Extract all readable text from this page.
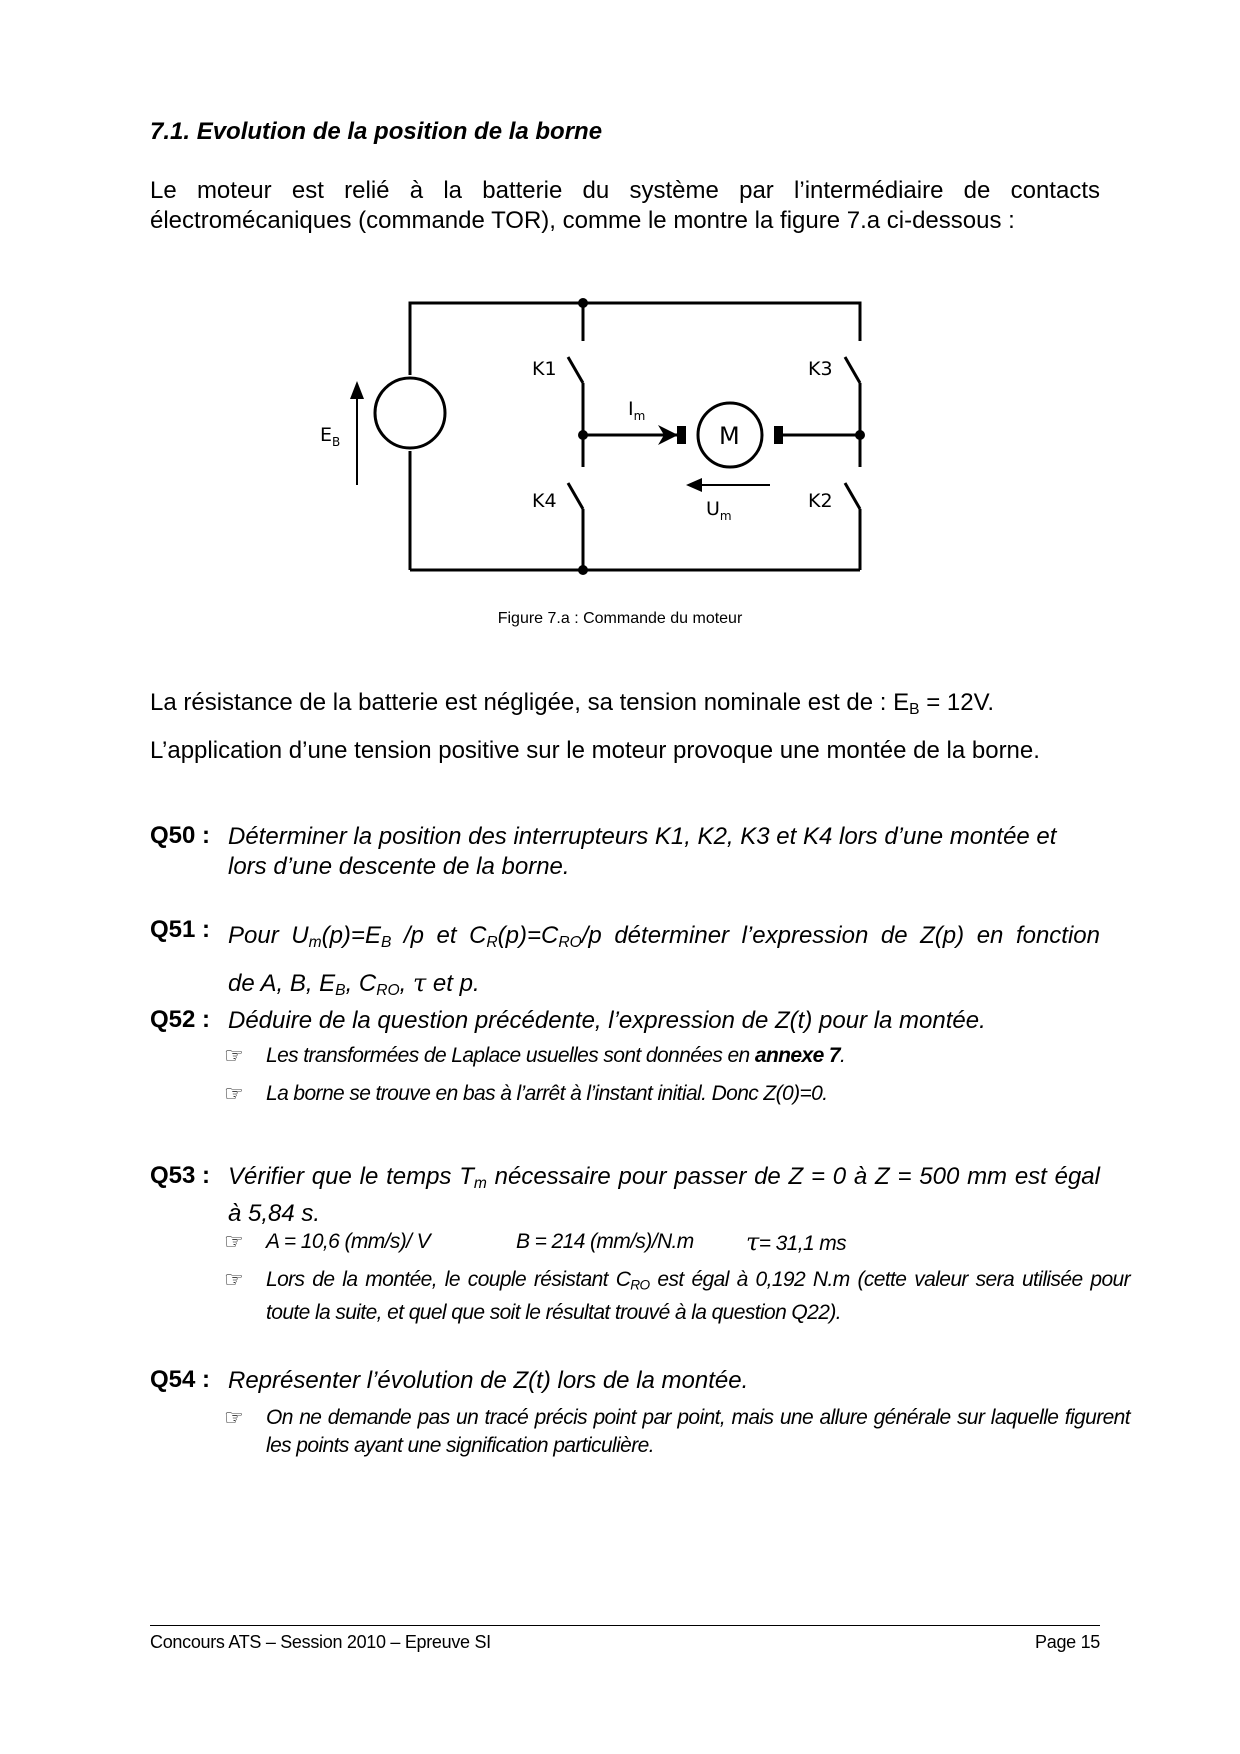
7.1. Evolution de la position de la borne
Le moteur est relié à la batterie du système par l’intermédiaire de contacts
électromécaniques (commande TOR), comme le montre la figure 7.a ci-dessous :
K1	K3
K4	K2
M
$E_B$
$I_m$
$U_m$
Figure 7.a : Commande du moteur
La résistance de la batterie est négligée, sa tension nominale est de : $E_B = 12V$.
L’application d’une tension positive sur le moteur provoque une montée de la borne.
Q50 : Déterminer la position des interrupteurs K1, K2, K3 et K4 lors d’une montée et lors d’une descente de la borne.
Q51 : Pour $U_m(p)=E_B$ /p et $C_R(p)=C_{RO}/p$ déterminer l’expression de Z(p) en fonction
de A, B, $E_B$, $C_{RO}$, τ et p.
Q52 : Déduire de la question précédente, l’expression de Z(t) pour la montée.
☞ Les transformées de Laplace usuelles sont données en annexe 7.
☞ La borne se trouve en bas à l’arrêt à l’instant initial. Donc Z(0)=0.
Q53 : Vérifier que le temps $T_m$ nécessaire pour passer de Z = 0 à Z = 500 mm est égal à 5,84 s.
☞ A = 10,6 (mm/s)/ V	B = 214 (mm/s)/N.m τ= 31,1 ms
☞ Lors de la montée, le couple résistant $C_{RO}$ est égal à 0,192 N.m (cette valeur sera utilisée pour toute la suite, et quel que soit le résultat trouvé à la question Q22).
Q54 : Représenter l’évolution de Z(t) lors de la montée.
☞ On ne demande pas un tracé précis point par point, mais une allure générale sur laquelle figurent les points ayant une signification particulière.
Concours ATS – Session 2010 – Epreuve SI	Page 15
